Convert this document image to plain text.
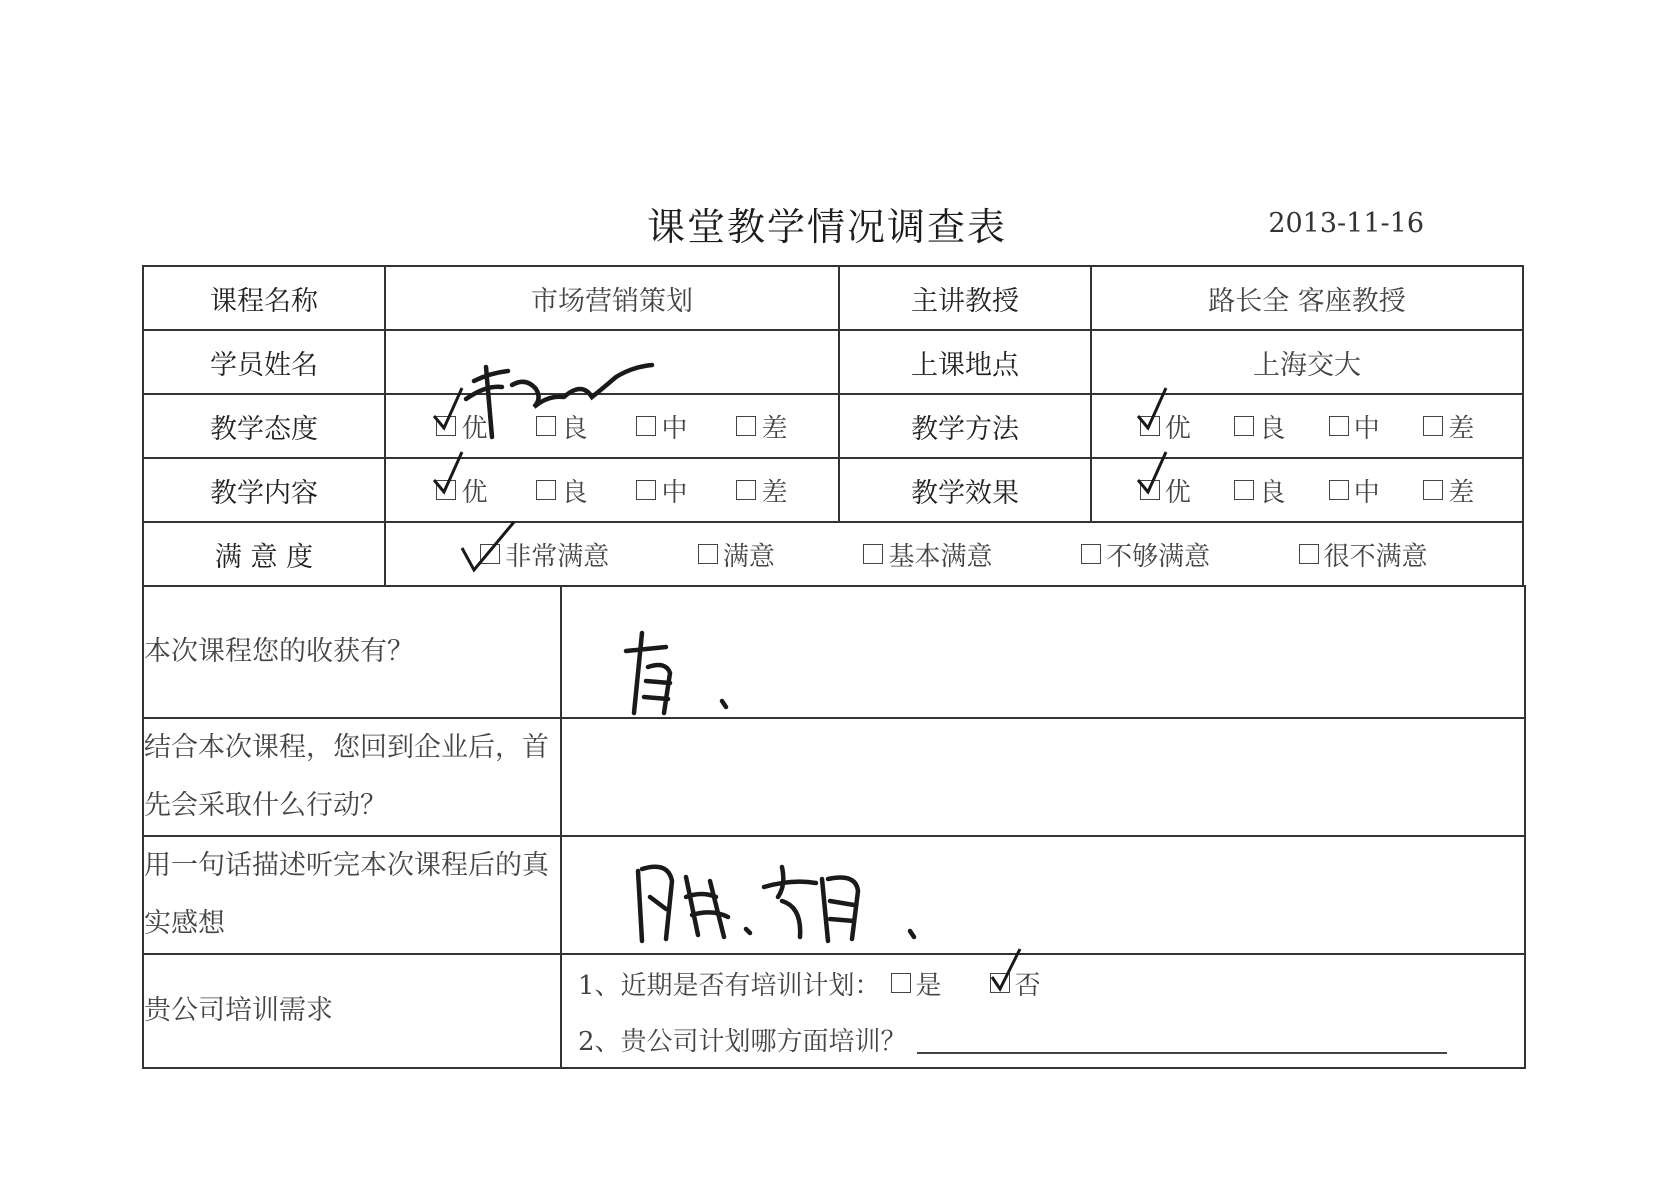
课堂教学情况调查表	2013-11-16
课程名称	市场营销策划	主讲教授	路长全 客座教授
学员姓名		上课地点	上海交大
教学态度	优 良 中 差	教学方法	优 良 中 差

教学内容	优 良 中 差	教学效果	优 良 中 差

满 意 度	非常满意 满意 基本满意 不够满意 很不满意		
本次课程您的收获有？	

结合本次课程，您回到企业后，首先会采取什么行动？	
用一句话描述听完本次课程后的真实感想	

贵公司培训需求	1、近期是否有培训计划： 是 否
2、贵公司计划哪方面培训？
